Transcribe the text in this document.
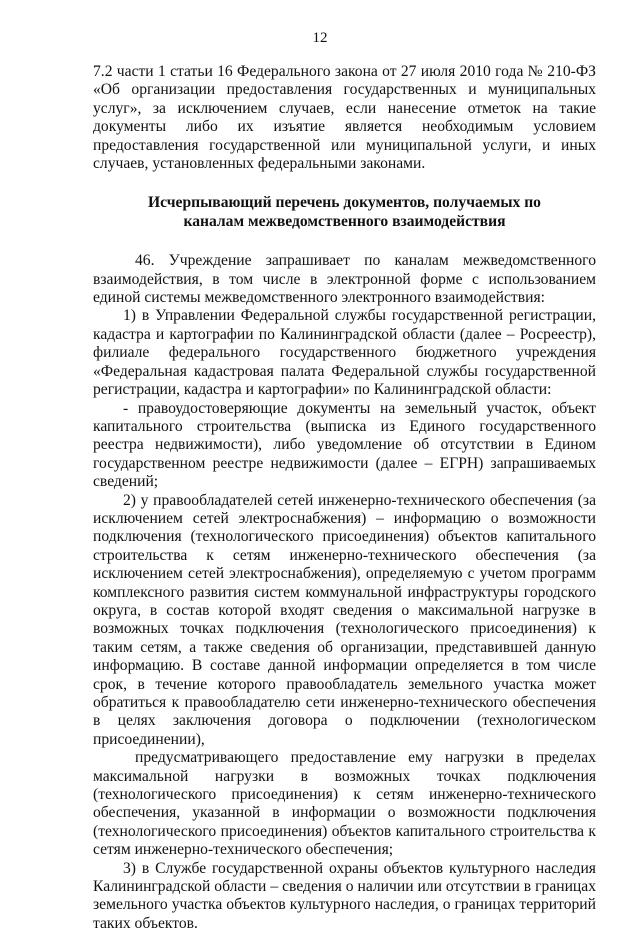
12

7.2 части 1 статьи 16 Федерального закона от 27 июля 2010 года № 210-ФЗ «Об организации предоставления государственных и муниципальных услуг», за исключением случаев, если нанесение отметок на такие документы либо их изъятие является необходимым условием предоставления государственной или муниципальной услуги, и иных случаев, установленных федеральными законами.

Исчерпывающий перечень документов, получаемых по каналам межведомственного взаимодействия

46. Учреждение запрашивает по каналам межведомственного взаимодействия, в том числе в электронной форме с использованием единой системы межведомственного электронного взаимодействия:

1) в Управлении Федеральной службы государственной регистрации, кадастра и картографии по Калининградской области (далее – Росреестр), филиале федерального государственного бюджетного учреждения «Федеральная кадастровая палата Федеральной службы государственной регистрации, кадастра и картографии» по Калининградской области:

- правоудостоверяющие документы на земельный участок, объект капитального строительства (выписка из Единого государственного реестра недвижимости), либо уведомление об отсутствии в Едином государственном реестре недвижимости (далее – ЕГРН) запрашиваемых сведений;

2) у правообладателей сетей инженерно-технического обеспечения (за исключением сетей электроснабжения) – информацию о возможности подключения (технологического присоединения) объектов капитального строительства к сетям инженерно-технического обеспечения (за исключением сетей электроснабжения), определяемую с учетом программ комплексного развития систем коммунальной инфраструктуры городского округа, в состав которой входят сведения о максимальной нагрузке в возможных точках подключения (технологического присоединения) к таким сетям, а также сведения об организации, представившей данную информацию. В составе данной информации определяется в том числе срок, в течение которого правообладатель земельного участка может обратиться к правообладателю сети инженерно-технического обеспечения в целях заключения договора о подключении (технологическом присоединении),

предусматривающего предоставление ему нагрузки в пределах максимальной нагрузки в возможных точках подключения (технологического присоединения) к сетям инженерно-технического обеспечения, указанной в информации о возможности подключения (технологического присоединения) объектов капитального строительства к сетям инженерно-технического обеспечения;

3) в Службе государственной охраны объектов культурного наследия Калининградской области – сведения о наличии или отсутствии в границах земельного участка объектов культурного наследия, о границах территорий таких объектов.
